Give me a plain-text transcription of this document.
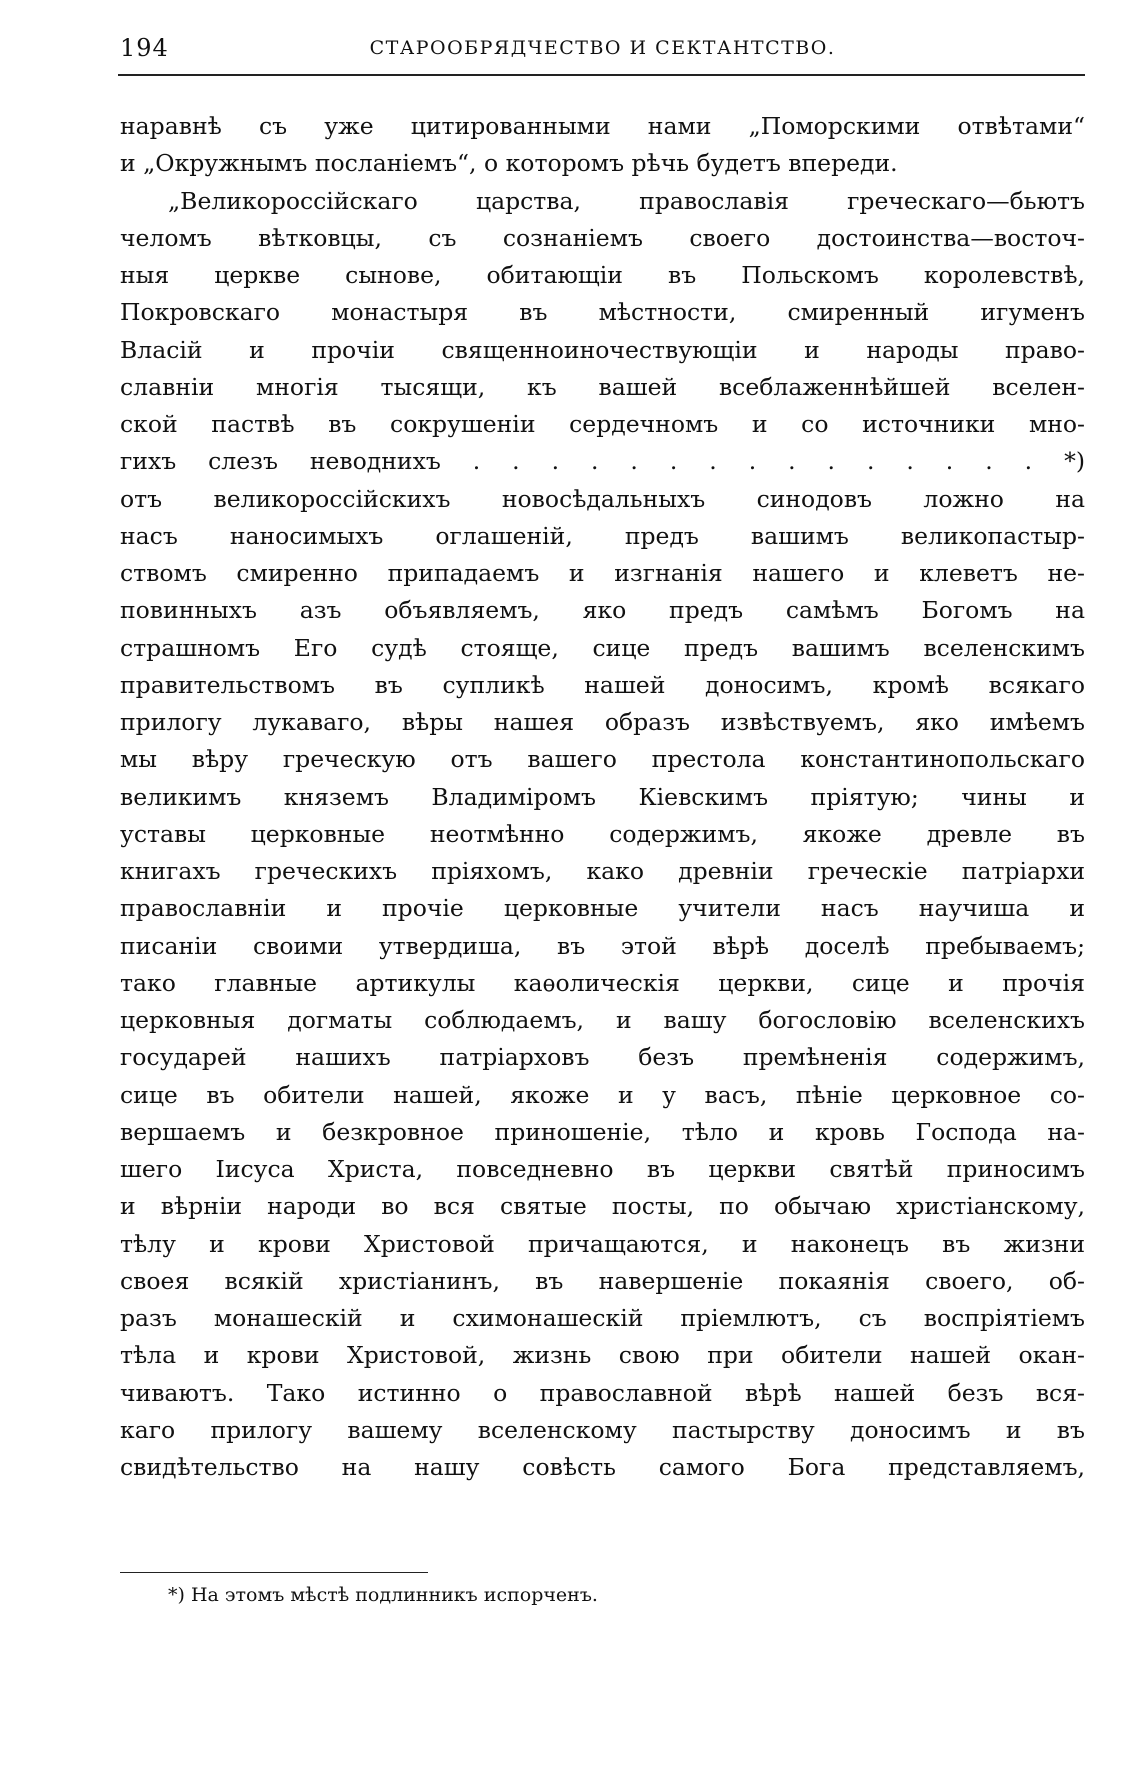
194	СТАРООБРЯДЧЕСТВО И СЕКТАНТСТВО.
наравнѣ съ уже цитированными нами „Поморскими отвѣтами“
и „Окружнымъ посланіемъ“, о которомъ рѣчь будетъ впереди.
„Великороссійскаго царства, православія греческаго—бьютъ
челомъ вѣтковцы, съ сознаніемъ своего достоинства—восточ-
ныя церкве сынове, обитающіи въ Польскомъ королевствѣ,
Покровскаго монастыря въ мѣстности, смиренный игуменъ
Власій и прочіи священноиночествующіи и народы право-
славніи многія тысящи, къ вашей всеблаженнѣйшей вселен-
ской паствѣ въ сокрушеніи сердечномъ и со источники мно-
гихъ слезъ неводнихъ . . . . . . . . . . . . . . . *)
отъ великороссійскихъ новосѣдальныхъ синодовъ ложно на
насъ наносимыхъ оглашеній, предъ вашимъ великопастыр-
ствомъ смиренно припадаемъ и изгнанія нашего и клеветъ не-
повинныхъ азъ объявляемъ, яко предъ самѣмъ Богомъ на
страшномъ Его судѣ стояще, сице предъ вашимъ вселенскимъ
правительствомъ въ супликѣ нашей доносимъ, кромѣ всякаго
прилогу лукаваго, вѣры нашея образъ извѣствуемъ, яко имѣемъ
мы вѣру греческую отъ вашего престола константинопольскаго
великимъ княземъ Владиміромъ Кіевскимъ пріятую; чины и
уставы церковные неотмѣнно содержимъ, якоже древле въ
книгахъ греческихъ пріяхомъ, како древніи греческіе патріархи
православніи и прочіе церковные учители насъ научиша и
писаніи своими утвердиша, въ этой вѣрѣ доселѣ пребываемъ;
тако главные артикулы каѳолическія церкви, сице и прочія
церковныя догматы соблюдаемъ, и вашу богословію вселенскихъ
государей нашихъ патріарховъ безъ премѣненія содержимъ,
сице въ обители нашей, якоже и у васъ, пѣніе церковное со-
вершаемъ и безкровное приношеніе, тѣло и кровь Господа на-
шего Іисуса Христа, повседневно въ церкви святѣй приносимъ
и вѣрніи народи во вся святые посты, по обычаю христіанскому,
тѣлу и крови Христовой причащаются, и наконецъ въ жизни
своея всякій христіанинъ, въ навершеніе покаянія своего, об-
разъ монашескій и схимонашескій пріемлютъ, съ воспріятіемъ
тѣла и крови Христовой, жизнь свою при обители нашей окан-
чиваютъ. Тако истинно о православной вѣрѣ нашей безъ вся-
каго прилогу вашему вселенскому пастырству доносимъ и въ
свидѣтельство на нашу совѣсть самого Бога представляемъ,
*) На этомъ мѣстѣ подлинникъ испорченъ.
